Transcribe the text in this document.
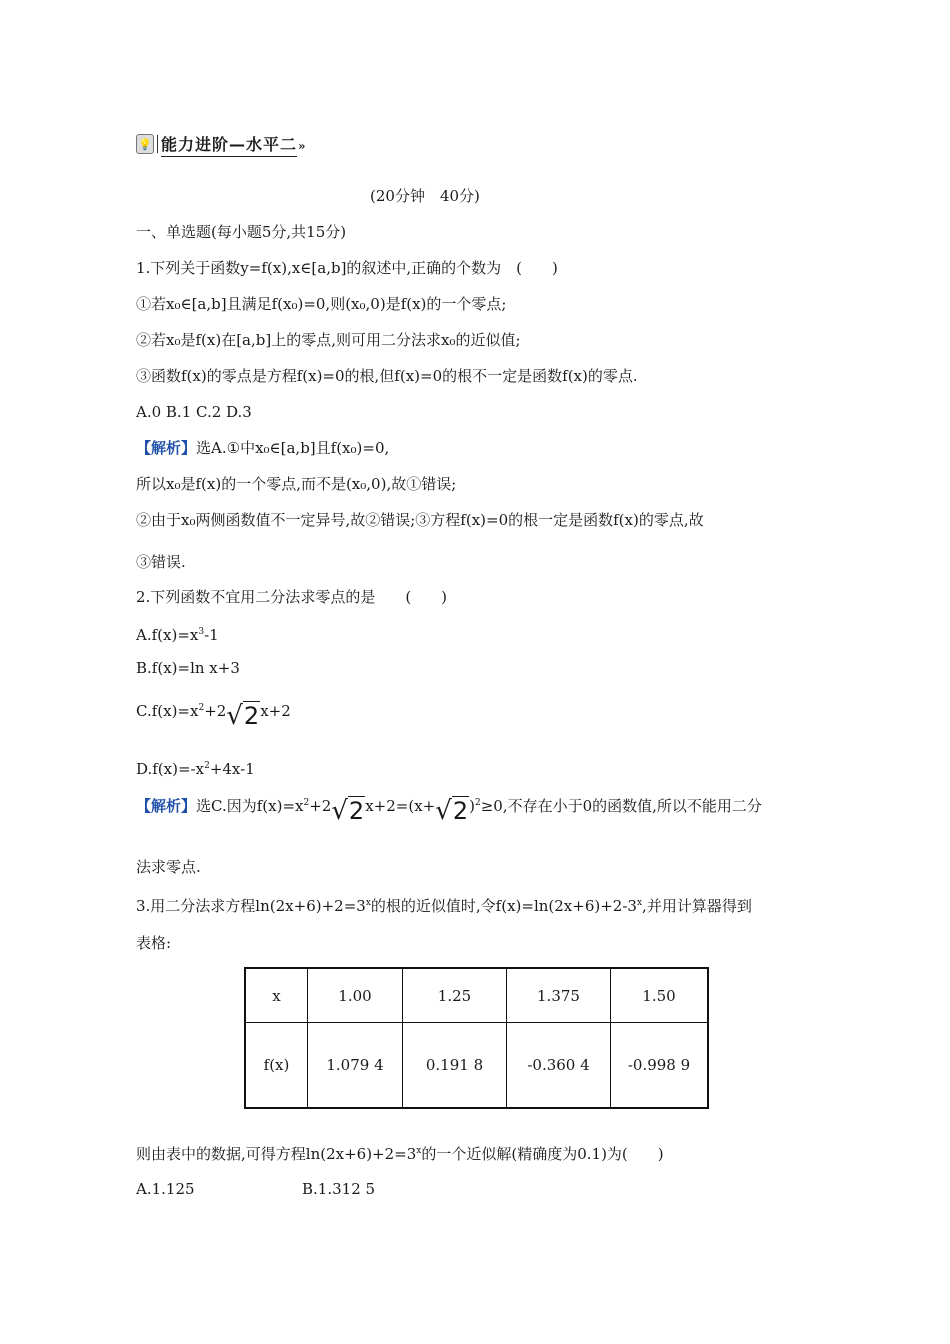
💡 能力进阶—水平二 »
(20分钟　40分)
一、单选题(每小题5分,共15分)
1.下列关于函数y=f(x),x∈[a,b]的叙述中,正确的个数为　(　　)
①若x₀∈[a,b]且满足f(x₀)=0,则(x₀,0)是f(x)的一个零点;
②若x₀是f(x)在[a,b]上的零点,则可用二分法求x₀的近似值;
③函数f(x)的零点是方程f(x)=0的根,但f(x)=0的根不一定是函数f(x)的零点.
A.0 B.1 C.2 D.3
【解析】选A.①中x₀∈[a,b]且f(x₀)=0,
所以x₀是f(x)的一个零点,而不是(x₀,0),故①错误;
②由于x₀两侧函数值不一定异号,故②错误;③方程f(x)=0的根一定是函数f(x)的零点,故
③错误.
2.下列函数不宜用二分法求零点的是　　(　　)
$A.f(x)=x^3-1$
B.f(x)=ln x+3
$C.f(x)=x^2+2√2x+2$
$D.f(x)=-x^2+4x-1$
【解析】选C.因为$f(x)=x^2+2√2x+2=(x+√2)^2\ge 0$,不存在小于0的函数值,所以不能用二分
法求零点.
3.用二分法求方程$\ln(2x+6)+2=3^x$的根的近似值时,令$f(x)=\ln(2x+6)+2-3^x$,并用计算器得到
表格:
x	1.00	1.25	1.375	1.50
f(x)	1.079 4	0.191 8	-0.360 4	-0.998 9
则由表中的数据,可得方程$\ln(2x+6)+2=3^x$的一个近似解(精确度为0.1)为(　　)
A.1.125	B.1.312 5
